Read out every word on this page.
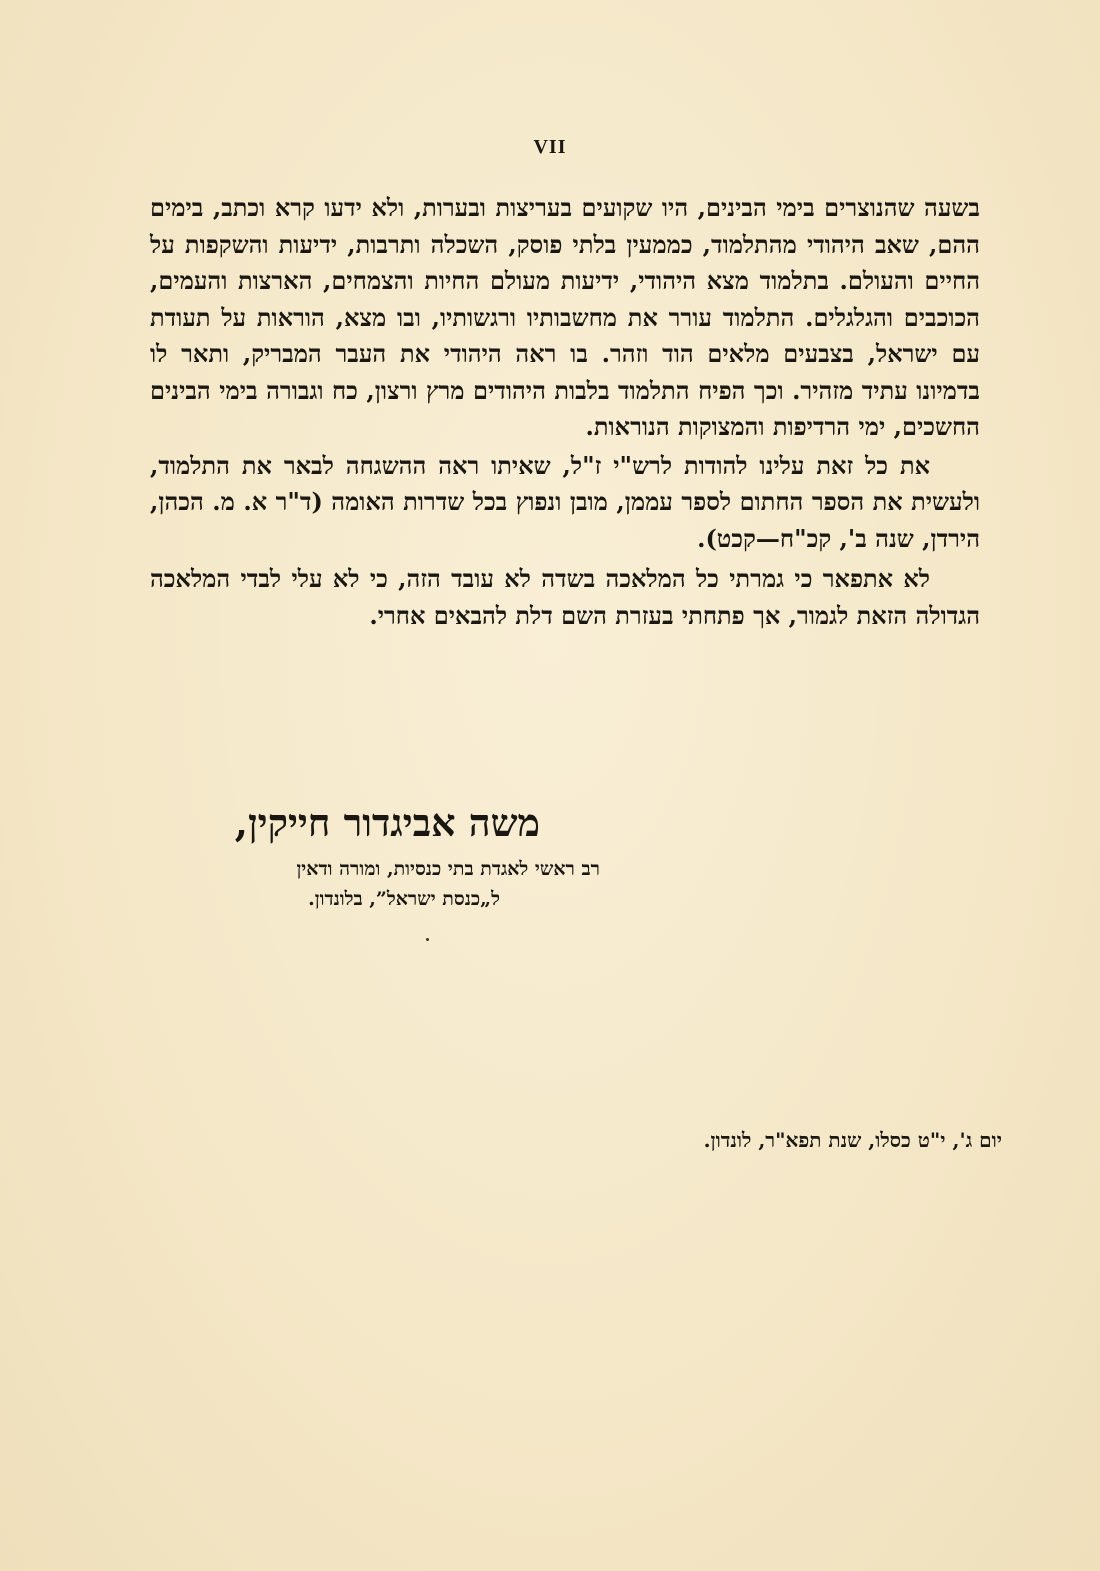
VII

בשעה שהנוצרים בימי הבינים, היו שקועים בעריצות ובערות, ולא ידעו קרא וכתב, בימים ההם, שאב היהודי מהתלמוד, כממעין בלתי פוסק, השכלה ותרבות, ידיעות והשקפות על החיים והעולם. בתלמוד מצא היהודי, ידיעות מעולם החיות והצמחים, הארצות והעמים, הכוכבים והגלגלים. התלמוד עורר את מחשבותיו ורגשותיו, ובו מצא, הוראות על תעודת עם ישראל, בצבעים מלאים הוד וזהר. בו ראה היהודי את העבר המבריק, ותאר לו בדמיונו עתיד מזהיר. וכך הפיח התלמוד בלבות היהודים מרץ ורצון, כח וגבורה בימי הבינים החשכים, ימי הרדיפות והמצוקות הנוראות.

את כל זאת עלינו להודות לרש"י ז"ל, שאיתו ראה ההשגחה לבאר את התלמוד, ולעשית את הספר החתום לספר עממן, מובן ונפוץ בכל שדרות האומה (ד"ר א. מ. הכהן, הירדן, שנה ב', קכ"ח—קכט).

לא אתפאר כי גמרתי כל המלאכה בשדה לא עובד הזה, כי לא עלי לבדי המלאכה הגדולה הזאת לגמור, אך פתחתי בעזרת השם דלת להבאים אחרי.

משה אביגדור חייקין,
רב ראשי לאגדת בתי כנסיות, ומורה ודאין
ל„כנסת ישראל”, בלונדון.
יום ג', י"ט כסלו, שנת תפא"ר, לונדון.
